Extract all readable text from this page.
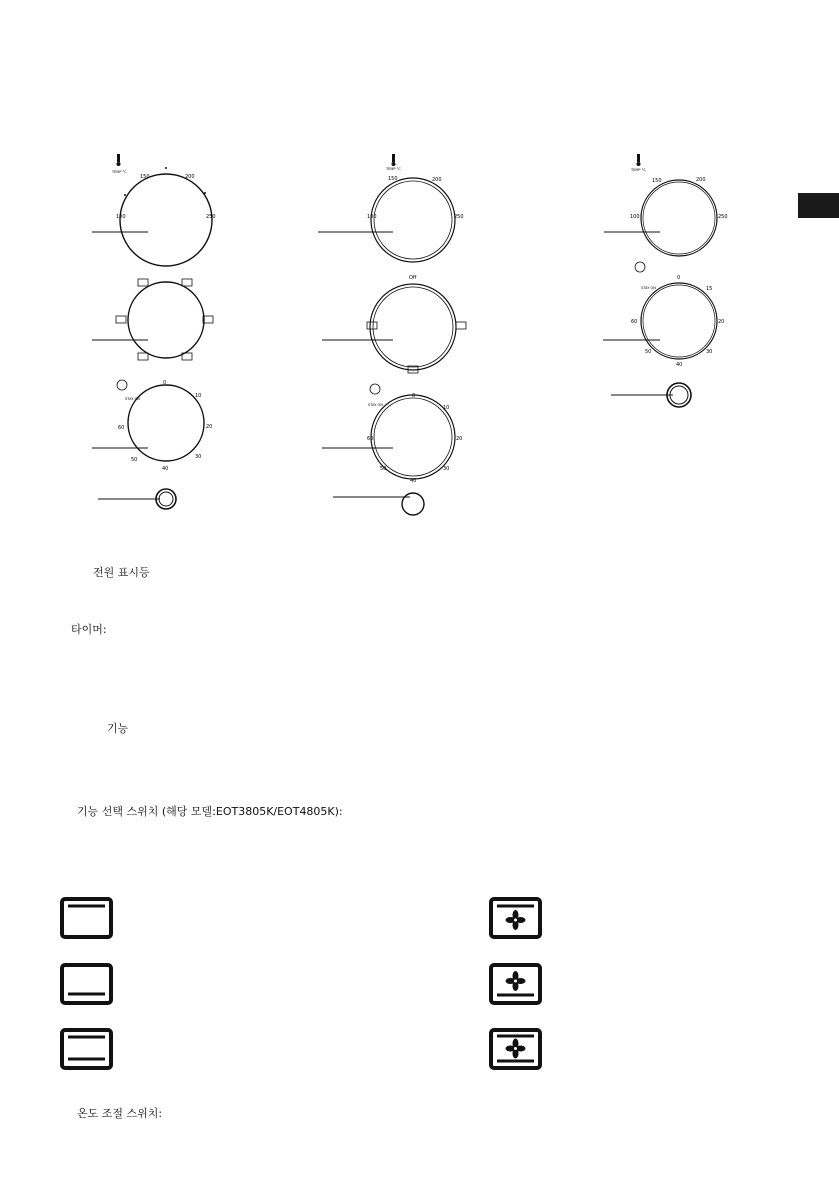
TEMP °C
150	200
100	250
STAY ON
0
10
20
30
40
50
60
TEMP °C
150	200
100	250
Off
STAY ON
0
10
20
30
40
50
60
TEMP °C
150	200
100	250
STAY ON
0
15
20
30
40
50
60
전원 표시등
타이머:
기능
기능 선택 스위치 (해당 모델:EOT3805K/EOT4805K):
온도 조절 스위치:
